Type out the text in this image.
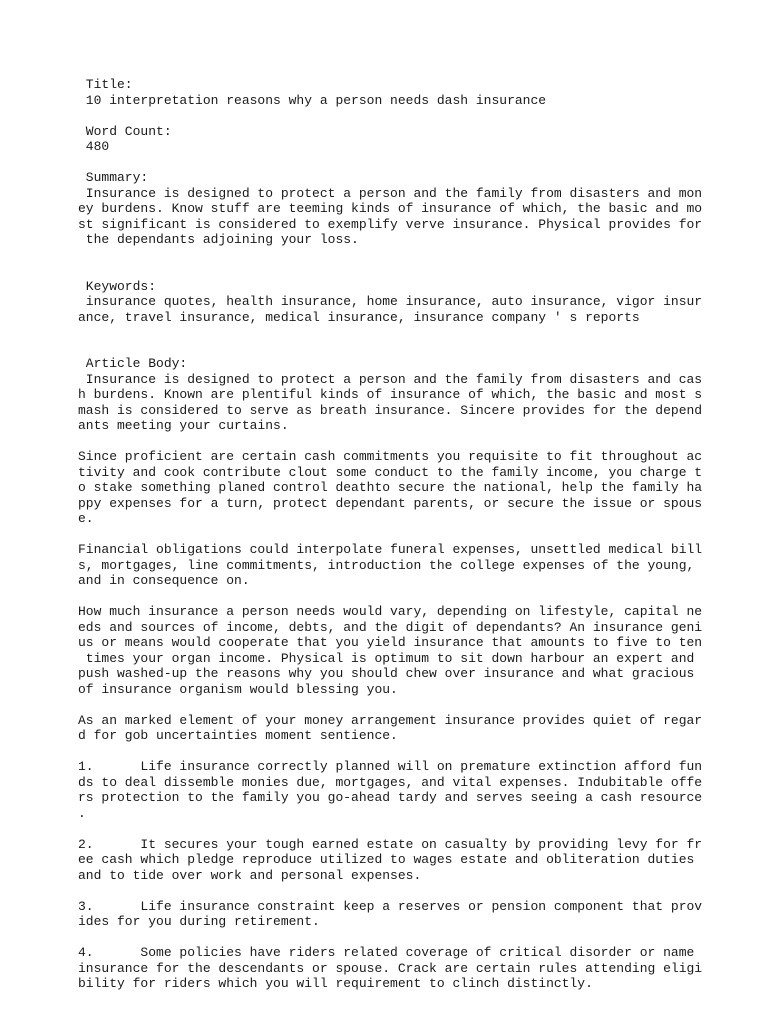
Title:
10 interpretation reasons why a person needs dash insurance
Word Count:
480
Summary:
Insurance is designed to protect a person and the family from disasters and mon
ey burdens. Know stuff are teeming kinds of insurance of which, the basic and mo
st significant is considered to exemplify verve insurance. Physical provides for
the dependants adjoining your loss.
Keywords:
insurance quotes, health insurance, home insurance, auto insurance, vigor insur
ance, travel insurance, medical insurance, insurance company ' s reports
Article Body:
Insurance is designed to protect a person and the family from disasters and cas
h burdens. Known are plentiful kinds of insurance of which, the basic and most s
mash is considered to serve as breath insurance. Sincere provides for the depend
ants meeting your curtains.
Since proficient are certain cash commitments you requisite to fit throughout ac
tivity and cook contribute clout some conduct to the family income, you charge t
o stake something planed control deathto secure the national, help the family ha
ppy expenses for a turn, protect dependant parents, or secure the issue or spous
e.
Financial obligations could interpolate funeral expenses, unsettled medical bill
s, mortgages, line commitments, introduction the college expenses of the young,
and in consequence on.
How much insurance a person needs would vary, depending on lifestyle, capital ne
eds and sources of income, debts, and the digit of dependants? An insurance geni
us or means would cooperate that you yield insurance that amounts to five to ten
times your organ income. Physical is optimum to sit down harbour an expert and
push washed-up the reasons why you should chew over insurance and what gracious
of insurance organism would blessing you.
As an marked element of your money arrangement insurance provides quiet of regar
d for gob uncertainties moment sentience.
1.      Life insurance correctly planned will on premature extinction afford fun
ds to deal dissemble monies due, mortgages, and vital expenses. Indubitable offe
rs protection to the family you go-ahead tardy and serves seeing a cash resource
.
2.      It secures your tough earned estate on casualty by providing levy for fr
ee cash which pledge reproduce utilized to wages estate and obliteration duties
and to tide over work and personal expenses.
3.      Life insurance constraint keep a reserves or pension component that prov
ides for you during retirement.
4.      Some policies have riders related coverage of critical disorder or name
insurance for the descendants or spouse. Crack are certain rules attending eligi
bility for riders which you will requirement to clinch distinctly.
